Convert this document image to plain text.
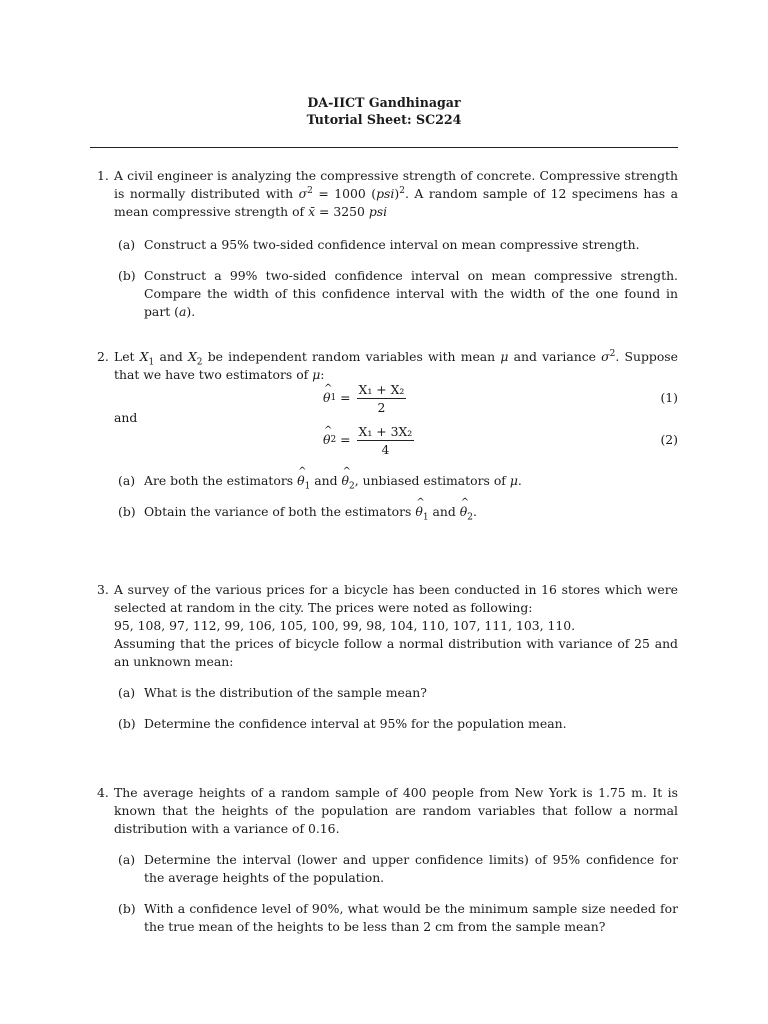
DA-IICT Gandhinagar
Tutorial Sheet: SC224
1. A civil engineer is analyzing the compressive strength of concrete. Compressive strength is normally distributed with $\sigma^2 = 1000$ (psi)$^2$. A random sample of 12 specimens has a mean compressive strength of x̄ = 3250 psi
(a) Construct a 95% two-sided confidence interval on mean compressive strength.
(b) Construct a 99% two-sided confidence interval on mean compressive strength. Compare the width of this confidence interval with the width of the one found in part (a).
2. Let $X_1$ and $X_2$ be independent random variables with mean μ and variance $\sigma^2$. Suppose that we have two estimators of μ:
^ θ $1 = \frac{\text{X₁ + X₂}}{2}$	(1)
and
^ θ $2 = \frac{\text{X₁ + 3X₂}}{4}$	(2)
(a) Are both the estimators ^ $\theta_1$ and ^ $\theta_2$, unbiased estimators of μ.
(b) Obtain the variance of both the estimators ^ $\theta_1$ and ^ $\theta_2$.
3. A survey of the various prices for a bicycle has been conducted in 16 stores which were selected at random in the city. The prices were noted as following:
95, 108, 97, 112, 99, 106, 105, 100, 99, 98, 104, 110, 107, 111, 103, 110.
Assuming that the prices of bicycle follow a normal distribution with variance of 25 and an unknown mean:
(a) What is the distribution of the sample mean?
(b) Determine the confidence interval at 95% for the population mean.
4. The average heights of a random sample of 400 people from New York is 1.75 m. It is known that the heights of the population are random variables that follow a normal distribution with a variance of 0.16.
(a) Determine the interval (lower and upper confidence limits) of 95% confidence for the average heights of the population.
(b) With a confidence level of 90%, what would be the minimum sample size needed for the true mean of the heights to be less than 2 cm from the sample mean?
